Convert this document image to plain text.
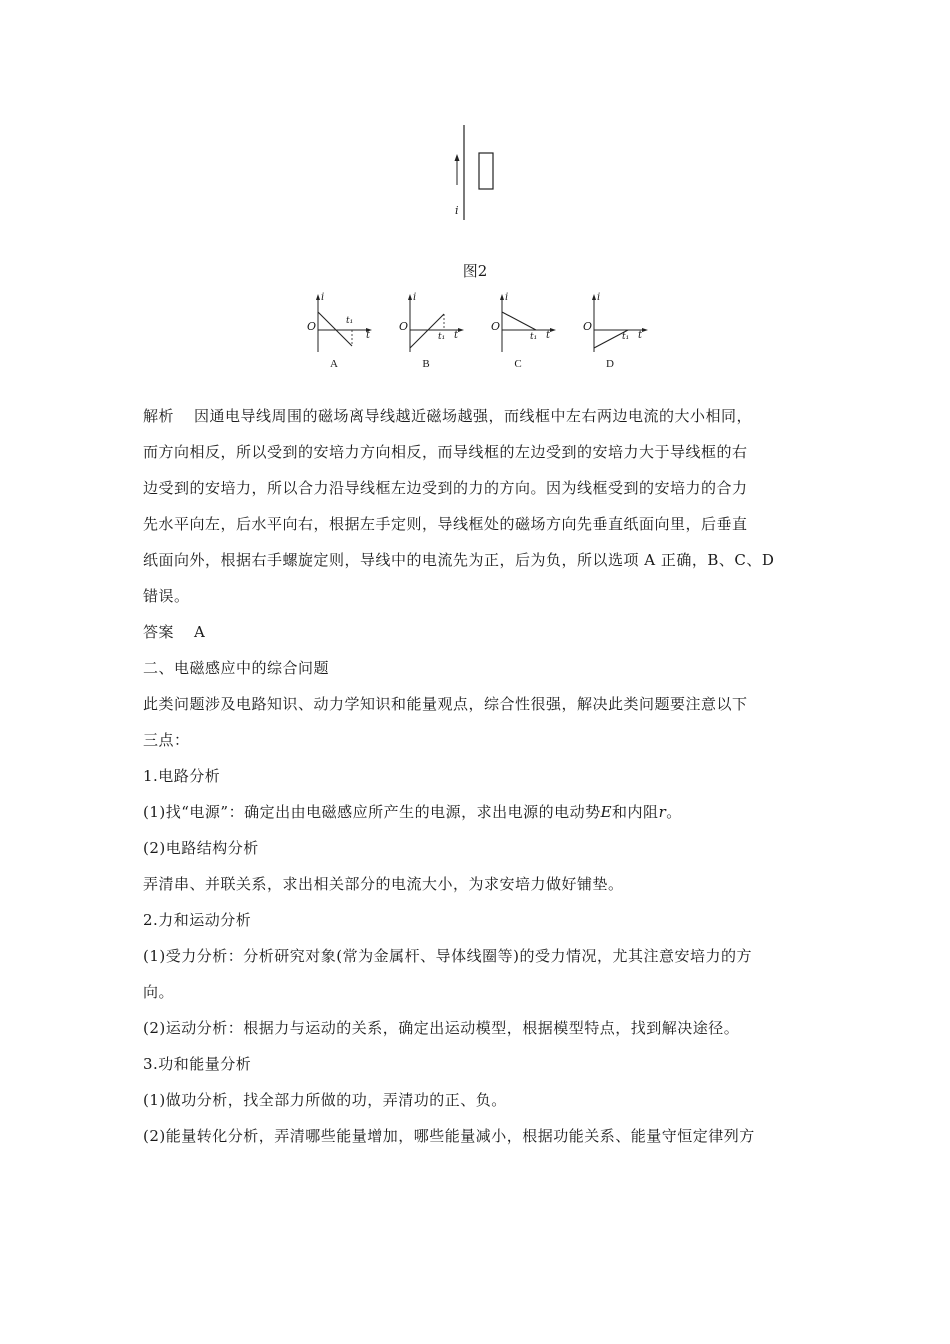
i
图2
i
O	t₁
t
A
i
O
t₁ t
B
i
O
t₁ t
C
i
O
t₁ t
D

解析 因通电导线周围的磁场离导线越近磁场越强，而线框中左右两边电流的大小相同，

而方向相反，所以受到的安培力方向相反，而导线框的左边受到的安培力大于导线框的右

边受到的安培力，所以合力沿导线框左边受到的力的方向。因为线框受到的安培力的合力

先水平向左，后水平向右，根据左手定则，导线框处的磁场方向先垂直纸面向里，后垂直

纸面向外，根据右手螺旋定则，导线中的电流先为正，后为负，所以选项 A 正确，B、C、D

错误。

答案 A

二、电磁感应中的综合问题

此类问题涉及电路知识、动力学知识和能量观点，综合性很强，解决此类问题要注意以下

三点：

1.电路分析

(1)找“电源”：确定出由电磁感应所产生的电源，求出电源的电动势E和内阻r。

(2)电路结构分析

弄清串、并联关系，求出相关部分的电流大小，为求安培力做好铺垫。

2.力和运动分析

(1)受力分析：分析研究对象(常为金属杆、导体线圈等)的受力情况，尤其注意安培力的方

向。

(2)运动分析：根据力与运动的关系，确定出运动模型，根据模型特点，找到解决途径。

3.功和能量分析

(1)做功分析，找全部力所做的功，弄清功的正、负。

(2)能量转化分析，弄清哪些能量增加，哪些能量减小，根据功能关系、能量守恒定律列方
